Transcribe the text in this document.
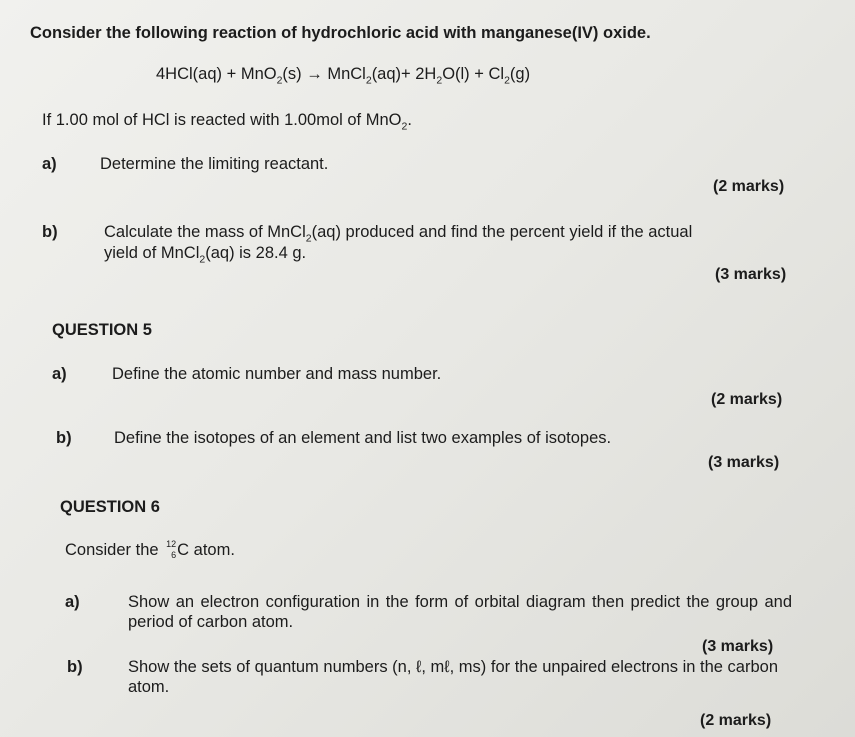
Consider the following reaction of hydrochloric acid with manganese(IV) oxide.
4HCl(aq) + MnO$_2$(s) → MnCl$_2$(aq)+ $2H_2O(l) + Cl_2(g)$
If 1.00 mol of HCl is reacted with 1.00mol of MnO$_2$.
a)	Determine the limiting reactant.
(2 marks)
b)	Calculate the mass of MnCl$_2$(aq) produced and find the percent yield if the actual
yield of MnCl$_2$(aq) is 28.4 g.
(3 marks)
QUESTION 5
a)	Define the atomic number and mass number.
(2 marks)
b)	Define the isotopes of an element and list two examples of isotopes.
(3 marks)
QUESTION 6
Consider the 12
6 C atom.
a)	Show an electron configuration in the form of orbital diagram then predict the group and period of carbon atom.
(3 marks)
b)	Show the sets of quantum numbers (n, ℓ, mℓ, ms) for the unpaired electrons in the carbon atom.
(2 marks)
